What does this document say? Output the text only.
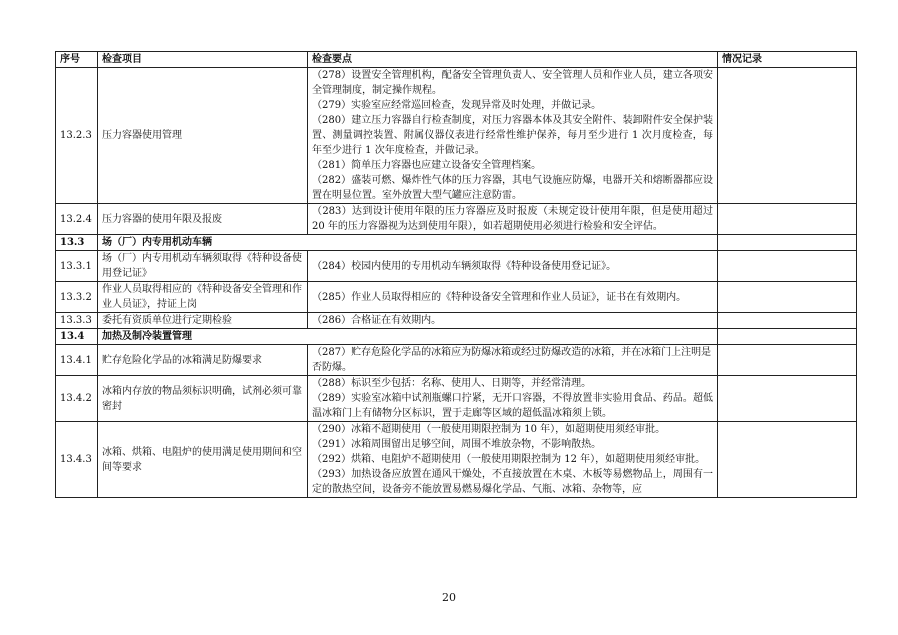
序号	检查项目	检查要点	情况记录
13.2.3	压力容器使用管理	（278）设置安全管理机构，配备安全管理负责人、安全管理人员和作业人员，建立各项安全管理制度，制定操作规程。
（279）实验室应经常巡回检查，发现异常及时处理，并做记录。
（280）建立压力容器自行检查制度，对压力容器本体及其安全附件、装卸附件安全保护装置、测量调控装置、附属仪器仪表进行经常性维护保养，每月至少进行 1 次月度检查，每年至少进行 1 次年度检查，并做记录。
（281）简单压力容器也应建立设备安全管理档案。
（282）盛装可燃、爆炸性气体的压力容器，其电气设施应防爆，电器开关和熔断器都应设置在明显位置。室外放置大型气罐应注意防雷。	

13.2.4	压力容器的使用年限及报废	（283）达到设计使用年限的压力容器应及时报废（未规定设计使用年限，但是使用超过 20 年的压力容器视为达到使用年限），如若超期使用必须进行检验和安全评估。	

13.3	场（厂）内专用机动车辆		
13.3.1	场（厂）内专用机动车辆须取得《特种设备使用登记证》	（284）校园内使用的专用机动车辆须取得《特种设备使用登记证》。	

13.3.2	作业人员取得相应的《特种设备安全管理和作业人员证》，持证上岗	（285）作业人员取得相应的《特种设备安全管理和作业人员证》，证书在有效期内。	

13.3.3	委托有资质单位进行定期检验	（286）合格证在有效期内。	

13.4	加热及制冷装置管理		
13.4.1	贮存危险化学品的冰箱满足防爆要求	（287）贮存危险化学品的冰箱应为防爆冰箱或经过防爆改造的冰箱，并在冰箱门上注明是否防爆。	

13.4.2	冰箱内存放的物品须标识明确，试剂必须可靠密封	（288）标识至少包括：名称、使用人、日期等，并经常清理。
（289）实验室冰箱中试剂瓶螺口拧紧，无开口容器，不得放置非实验用食品、药品。超低温冰箱门上有储物分区标识，置于走廊等区域的超低温冰箱须上锁。	

13.4.3	冰箱、烘箱、电阻炉的使用满足使用期间和空间等要求	（290）冰箱不超期使用（一般使用期限控制为 10 年），如超期使用须经审批。
（291）冰箱周围留出足够空间，周围不堆放杂物，不影响散热。
（292）烘箱、电阻炉不超期使用（一般使用期限控制为 12 年），如超期使用须经审批。
（293）加热设备应放置在通风干燥处，不直接放置在木桌、木板等易燃物品上，周围有一定的散热空间，设备旁不能放置易燃易爆化学品、气瓶、冰箱、杂物等，应	

20
